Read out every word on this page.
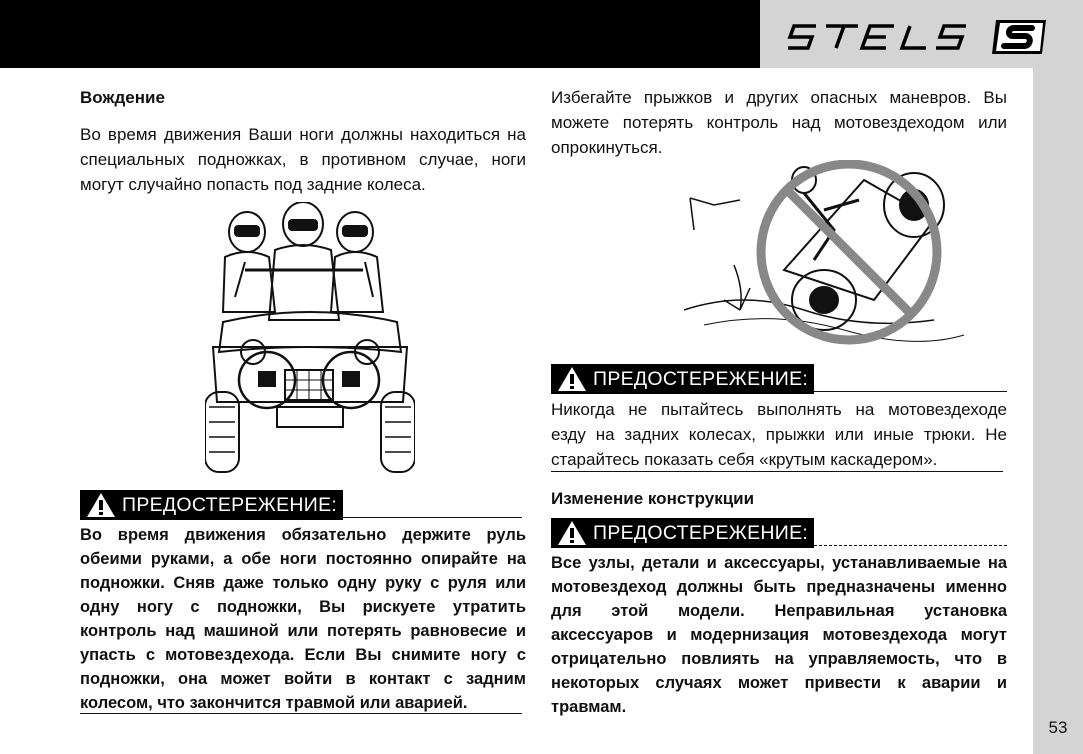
Вождение
Во время движения Ваши ноги должны находиться на
специальных подножках, в противном случае, ноги
могут случайно попасть под задние колеса.
ПРЕДОСТЕРЕЖЕНИЕ:
Во время движения обязательно держите руль обеими руками, а обе ноги постоянно опирайте на подножки. Сняв даже только одну руку с руля или одну ногу с подножки, Вы рискуете утратить контроль над машиной или потерять равновесие и упасть с мотовездехода. Если Вы снимите ногу с подножки, она может войти в контакт с задним колесом, что закончится травмой или аварией.
Избегайте прыжков и других опасных маневров. Вы
можете потерять контроль над мотовездеходом или
опрокинуться.
ПРЕДОСТЕРЕЖЕНИЕ:
Никогда не пытайтесь выполнять на мотовездеходе
езду на задних колесах, прыжки или иные трюки. Не
старайтесь показать себя «крутым каскадером».
Изменение конструкции
ПРЕДОСТЕРЕЖЕНИЕ:
Все узлы, детали и аксессуары, устанавливаемые на мотовездеход должны быть предназначены именно для этой модели. Неправильная установка аксессуаров и модернизация мотовездехода могут отрицательно повлиять на управляемость, что в некоторых случаях может привести к аварии и травмам.
53
